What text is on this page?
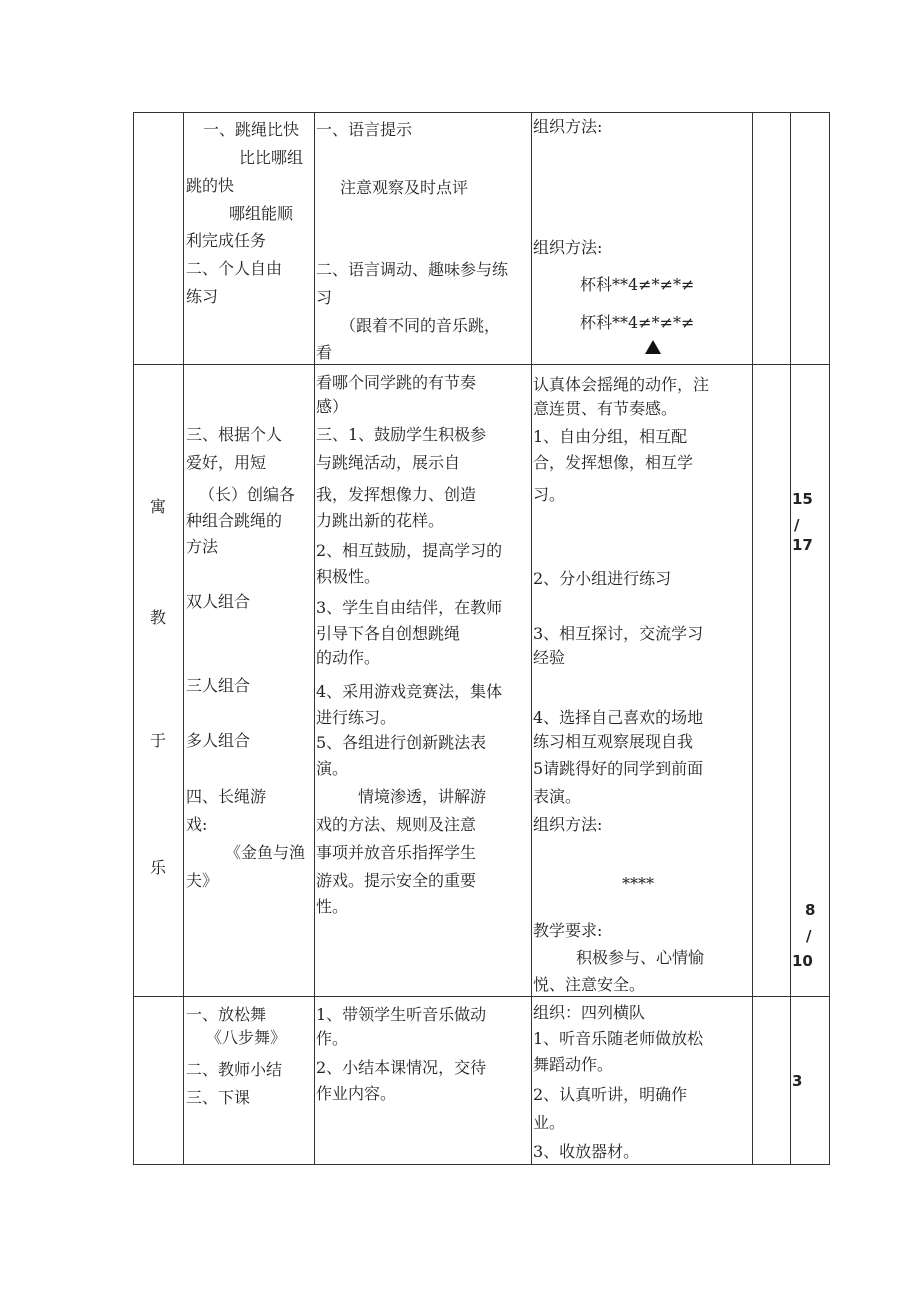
一、跳绳比快
比比哪组
跳的快
哪组能顺
利完成任务
二、个人自由
练习
一、语言提示
注意观察及时点评
二、语言调动、趣味参与练
习
（跟着不同的音乐跳，
看
组织方法:
组织方法:
杯科**4≠*≠*≠
杯科**4≠*≠*≠
寓
教
于
乐
三、根据个人
爱好，用短
（长）创编各
种组合跳绳的
方法
双人组合
三人组合
多人组合
四、长绳游
戏:
《金鱼与渔
夫》
看哪个同学跳的有节奏
感）
三、1、鼓励学生积极参
与跳绳活动，展示自
我，发挥想像力、创造
力跳出新的花样。
2、相互鼓励，提高学习的
积极性。
3、学生自由结伴，在教师
引导下各自创想跳绳
的动作。
4、采用游戏竞赛法，集体
进行练习。
5、各组进行创新跳法表
演。
情境渗透，讲解游
戏的方法、规则及注意
事项并放音乐指挥学生
游戏。提示安全的重要
性。
认真体会摇绳的动作，注
意连贯、有节奏感。
1、自由分组，相互配
合，发挥想像，相互学
习。
2、分小组进行练习
3、相互探讨，交流学习
经验
4、选择自己喜欢的场地
练习相互观察展现自我
5请跳得好的同学到前面
表演。
组织方法:
****
教学要求:
积极参与、心情愉
悦、注意安全。
15
/
17
8
/
10
一、放松舞
《八步舞》
二、教师小结
三、下课
1、带领学生听音乐做动
作。
2、小结本课情况，交待
作业内容。
组织：四列横队
1、听音乐随老师做放松
舞蹈动作。
2、认真听讲，明确作
业。
3、收放器材。
3
